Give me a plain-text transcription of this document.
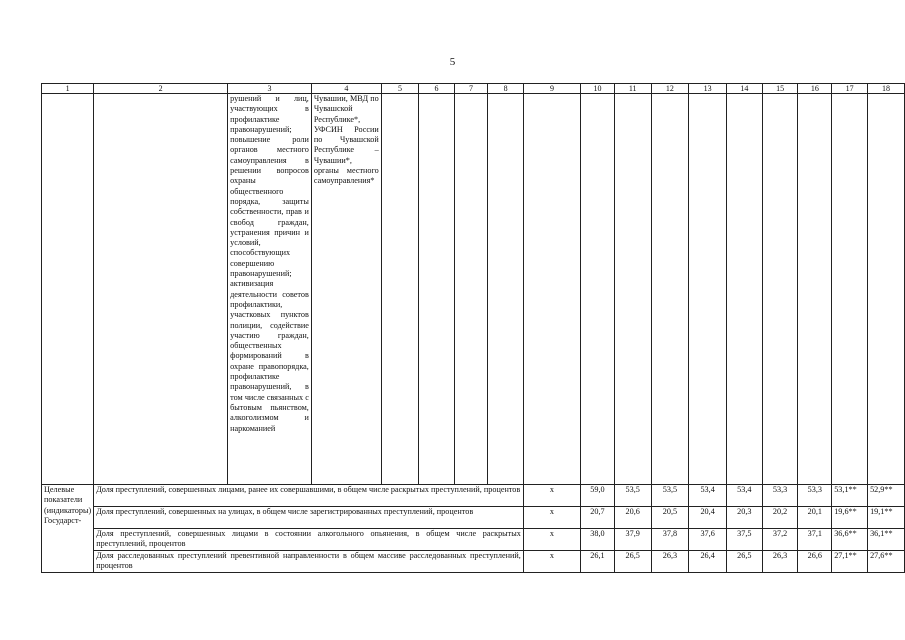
5
1	2	3	4	5	6	7	8	9	10	11	12	13	14	15	16	17	18
		рушений и лиц, участвующих в профилактике правонарушений; повышение роли органов местного самоуправления в решении вопросов охраны общественного порядка, защиты собственности, прав и свобод граждан, устранения причин и условий, способствующих совершению правонарушений; активизация деятельности советов профилактики, участковых пунктов полиции, содействие участию граждан, общественных формирований в охране правопорядка, профилактике правонарушений, в том числе связанных с бытовым пьянством, алкоголизмом и наркоманией	Чувашии, МВД по Чувашской Республике*, УФСИН России по Чувашской Республике – Чувашии*, органы местного самоуправления*														
Целевые показатели (индикаторы) Государст-	Доля преступлений, совершенных лицами, ранее их совершавшими, в общем числе раскрытых преступлений, процентов							x	59,0	53,5	53,5	53,4	53,4	53,3	53,3	53,1**	52,9**
	Доля преступлений, совершенных на улицах, в общем числе зарегистрированных преступлений, процентов							x	20,7	20,6	20,5	20,4	20,3	20,2	20,1	19,6**	19,1**
	Доля преступлений, совершенных лицами в состоянии алкогольного опьянения, в общем числе раскрытых преступлений, процентов							x	38,0	37,9	37,8	37,6	37,5	37,2	37,1	36,6**	36,1**
	Доля расследованных преступлений превентивной направленности в общем массиве расследованных преступлений, процентов							x	26,1	26,5	26,3	26,4	26,5	26,3	26,6	27,1**	27,6**
